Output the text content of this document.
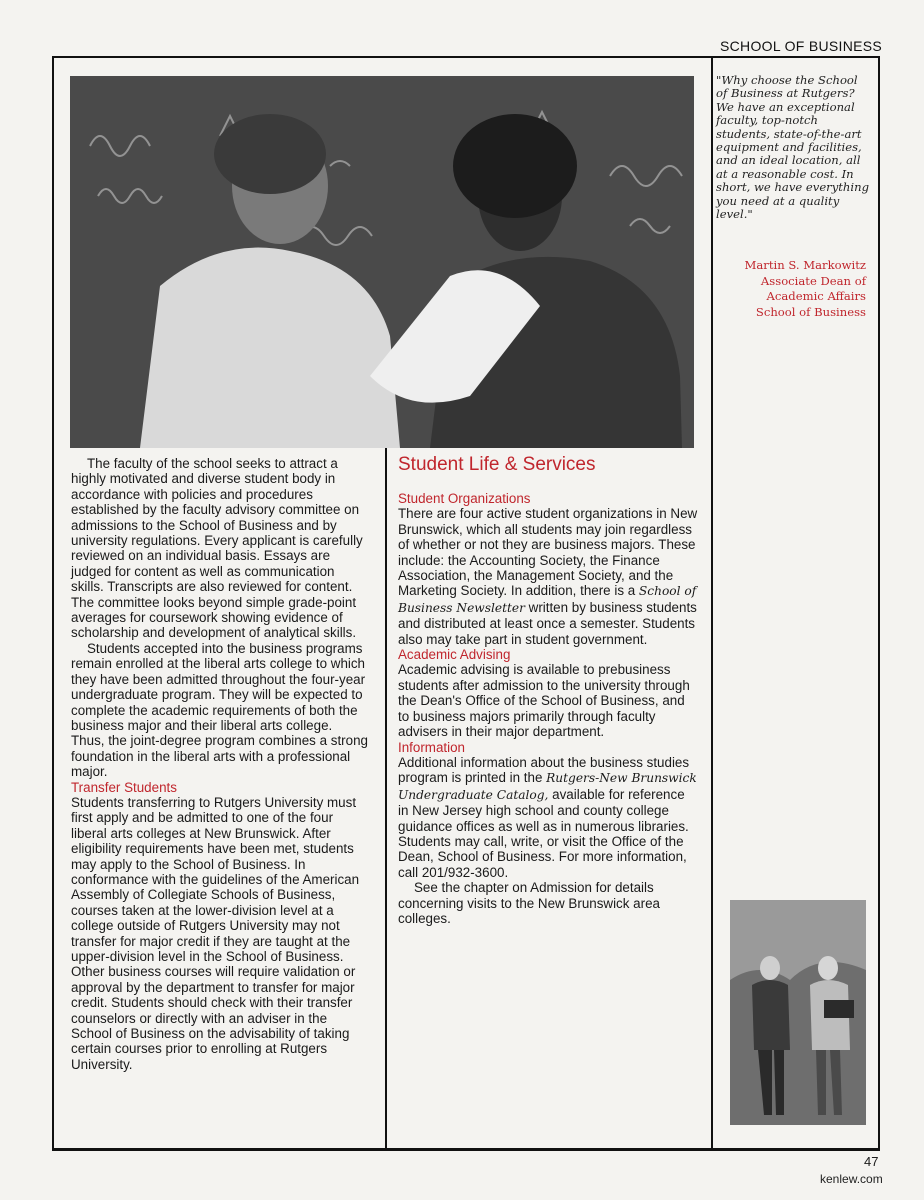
SCHOOL OF BUSINESS

The faculty of the school seeks to attract a highly motivated and diverse student body in accordance with policies and procedures established by the faculty advisory committee on admissions to the School of Business and by university regulations. Every applicant is carefully reviewed on an individual basis. Essays are judged for content as well as communication skills. Transcripts are also reviewed for content. The committee looks beyond simple grade-point averages for coursework showing evidence of scholarship and development of analytical skills.

Students accepted into the business programs remain enrolled at the liberal arts college to which they have been admitted throughout the four-year undergraduate program. They will be expected to complete the academic requirements of both the business major and their liberal arts college. Thus, the joint-degree program combines a strong foundation in the liberal arts with a professional major.

Transfer Students

Students transferring to Rutgers University must first apply and be admitted to one of the four liberal arts colleges at New Brunswick. After eligibility requirements have been met, students may apply to the School of Business. In conformance with the guidelines of the American Assembly of Collegiate Schools of Business, courses taken at the lower-division level at a college outside of Rutgers University may not transfer for major credit if they are taught at the upper-division level in the School of Business. Other business courses will require validation or approval by the department to transfer for major credit. Students should check with their transfer counselors or directly with an adviser in the School of Business on the advisability of taking certain courses prior to enrolling at Rutgers University.

Student Life & Services
Student Organizations

There are four active student organizations in New Brunswick, which all students may join regardless of whether or not they are business majors. These include: the Accounting Society, the Finance Association, the Management Society, and the Marketing Society. In addition, there is a School of Business Newsletter written by business students and distributed at least once a semester. Students also may take part in student government.

Academic Advising

Academic advising is available to prebusiness students after admission to the university through the Dean's Office of the School of Business, and to business majors primarily through faculty advisers in their major department.

Information

Additional information about the business studies program is printed in the Rutgers-New Brunswick Undergraduate Catalog, available for reference in New Jersey high school and county college guidance offices as well as in numerous libraries. Students may call, write, or visit the Office of the Dean, School of Business. For more information, call 201/932-3600.

See the chapter on Admission for details concerning visits to the New Brunswick area colleges.

"Why choose the School of Business at Rutgers? We have an exceptional faculty, top-notch students, state-of-the-art equipment and facilities, and an ideal location, all at a reasonable cost. In short, we have everything you need at a quality level."
Martin S. Markowitz
Associate Dean of
Academic Affairs
School of Business
47
kenlew.com
